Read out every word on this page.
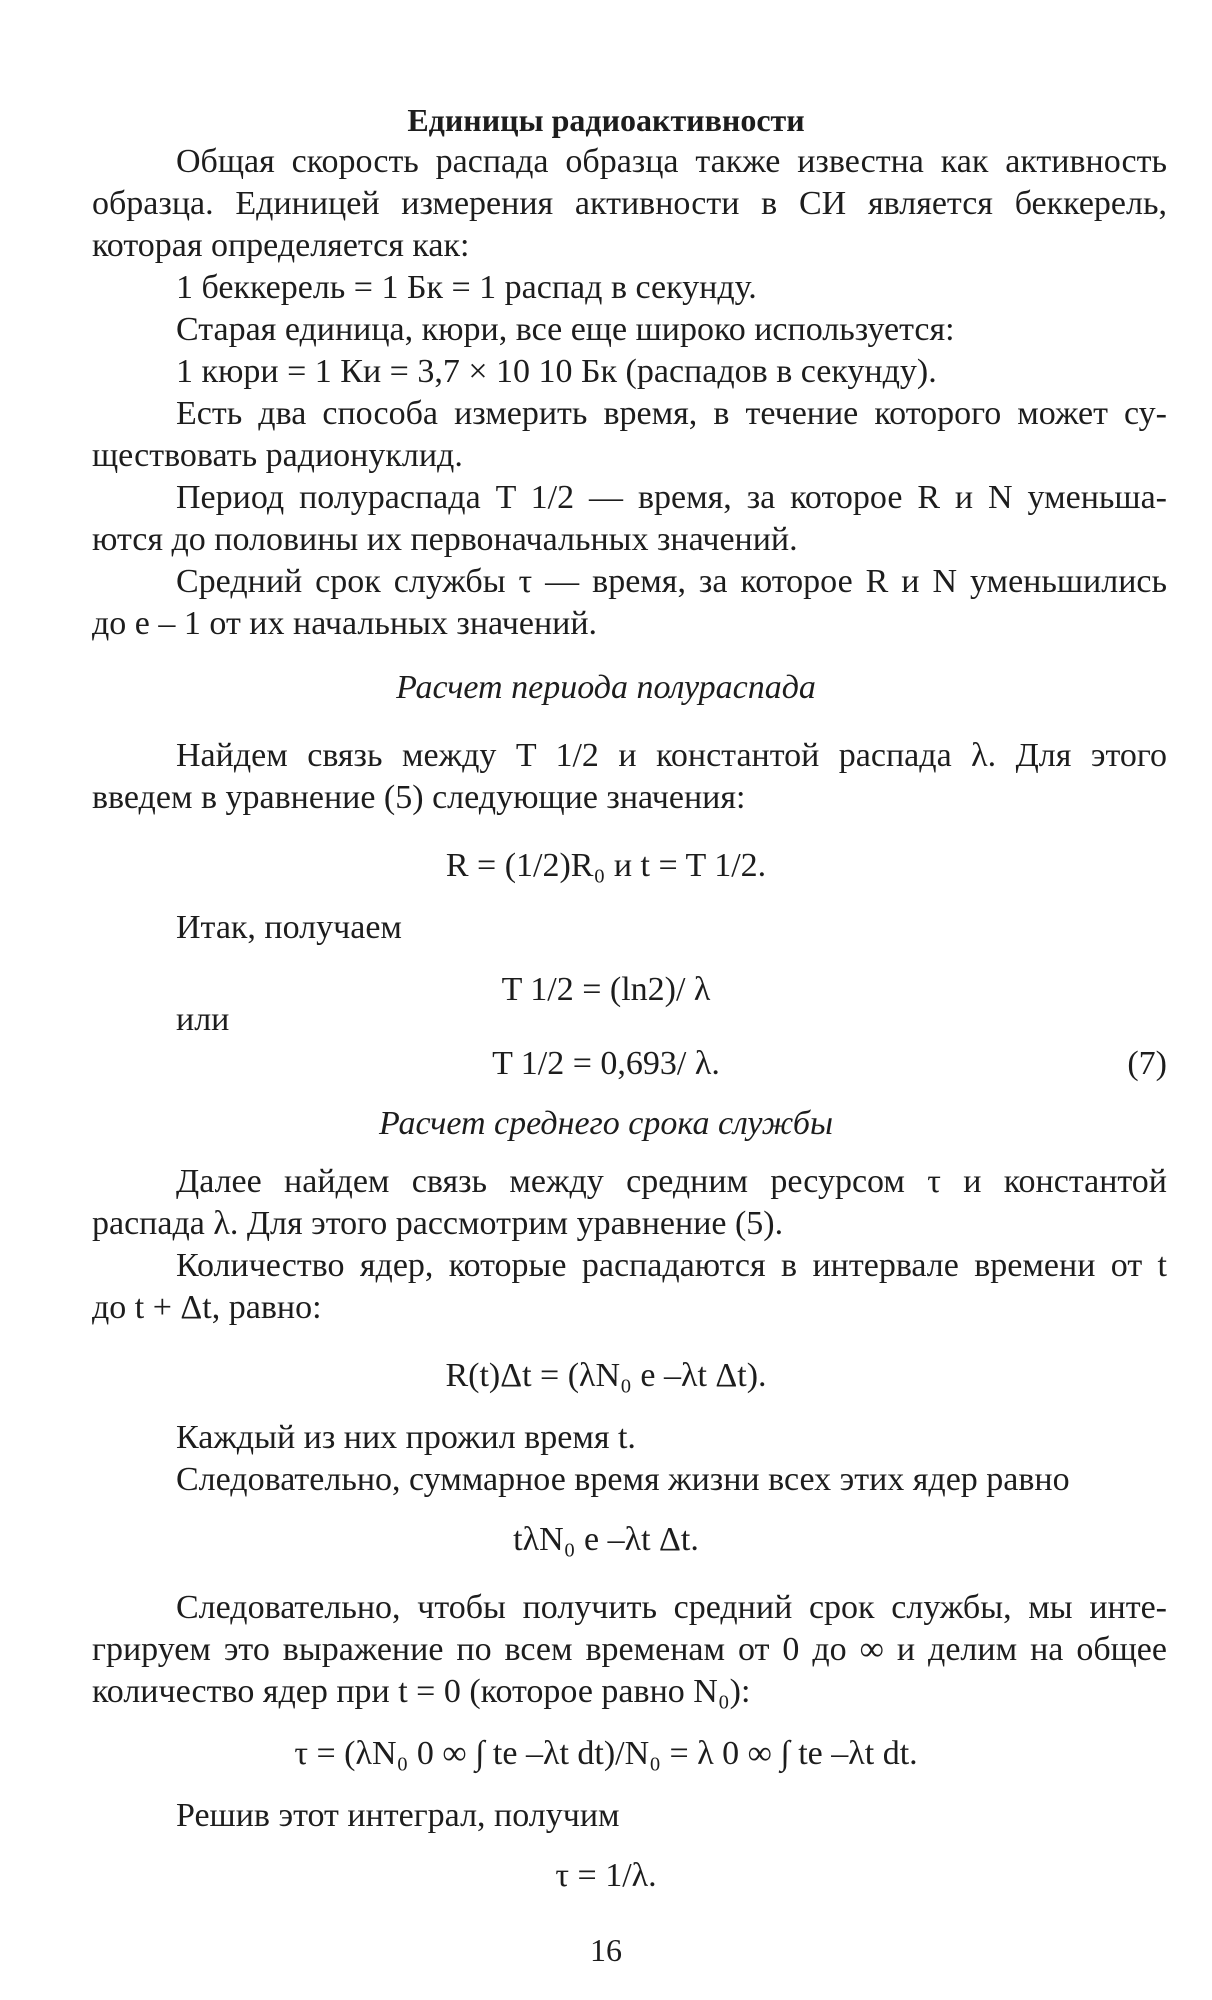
Единицы радиоактивности
Общая скорость распада образца также известна как активность
образца. Единицей измерения активности в СИ является беккерель,
которая определяется как:
1 беккерель = 1 Бк = 1 распад в секунду.
Старая единица, кюри, все еще широко используется:
1 кюри = 1 Ки = 3,7 × 10 10 Бк (распадов в секунду).
Есть два способа измерить время, в течение которого может су-
ществовать радионуклид.
Период полураспада T 1/2 — время, за которое R и N уменьша-
ются до половины их первоначальных значений.
Средний срок службы τ — время, за которое R и N уменьшились
до e – 1 от их начальных значений.
Расчет периода полураспада
Найдем связь между T 1/2 и константой распада λ. Для этого
введем в уравнение (5) следующие значения:
R = (1/2)R₀ и t = T 1/2.
Итак, получаем
T 1/2 = (ln2)/ λ
или
T 1/2 = 0,693/ λ.	(7)
Расчет среднего срока службы
Далее найдем связь между средним ресурсом τ и константой
распада λ. Для этого рассмотрим уравнение (5).
Количество ядер, которые распадаются в интервале времени от t
до t + Δt, равно:
R(t)Δt = (λN₀ e –λt Δt).
Каждый из них прожил время t.
Следовательно, суммарное время жизни всех этих ядер равно
tλN₀ e –λt Δt.
Следовательно, чтобы получить средний срок службы, мы инте-
грируем это выражение по всем временам от 0 до ∞ и делим на общее
количество ядер при t = 0 (которое равно N₀):
τ = (λN₀ 0 ∞ ∫ te –λt dt)/N₀ = λ 0 ∞ ∫ te –λt dt.
Решив этот интеграл, получим
τ = 1/λ.
16
